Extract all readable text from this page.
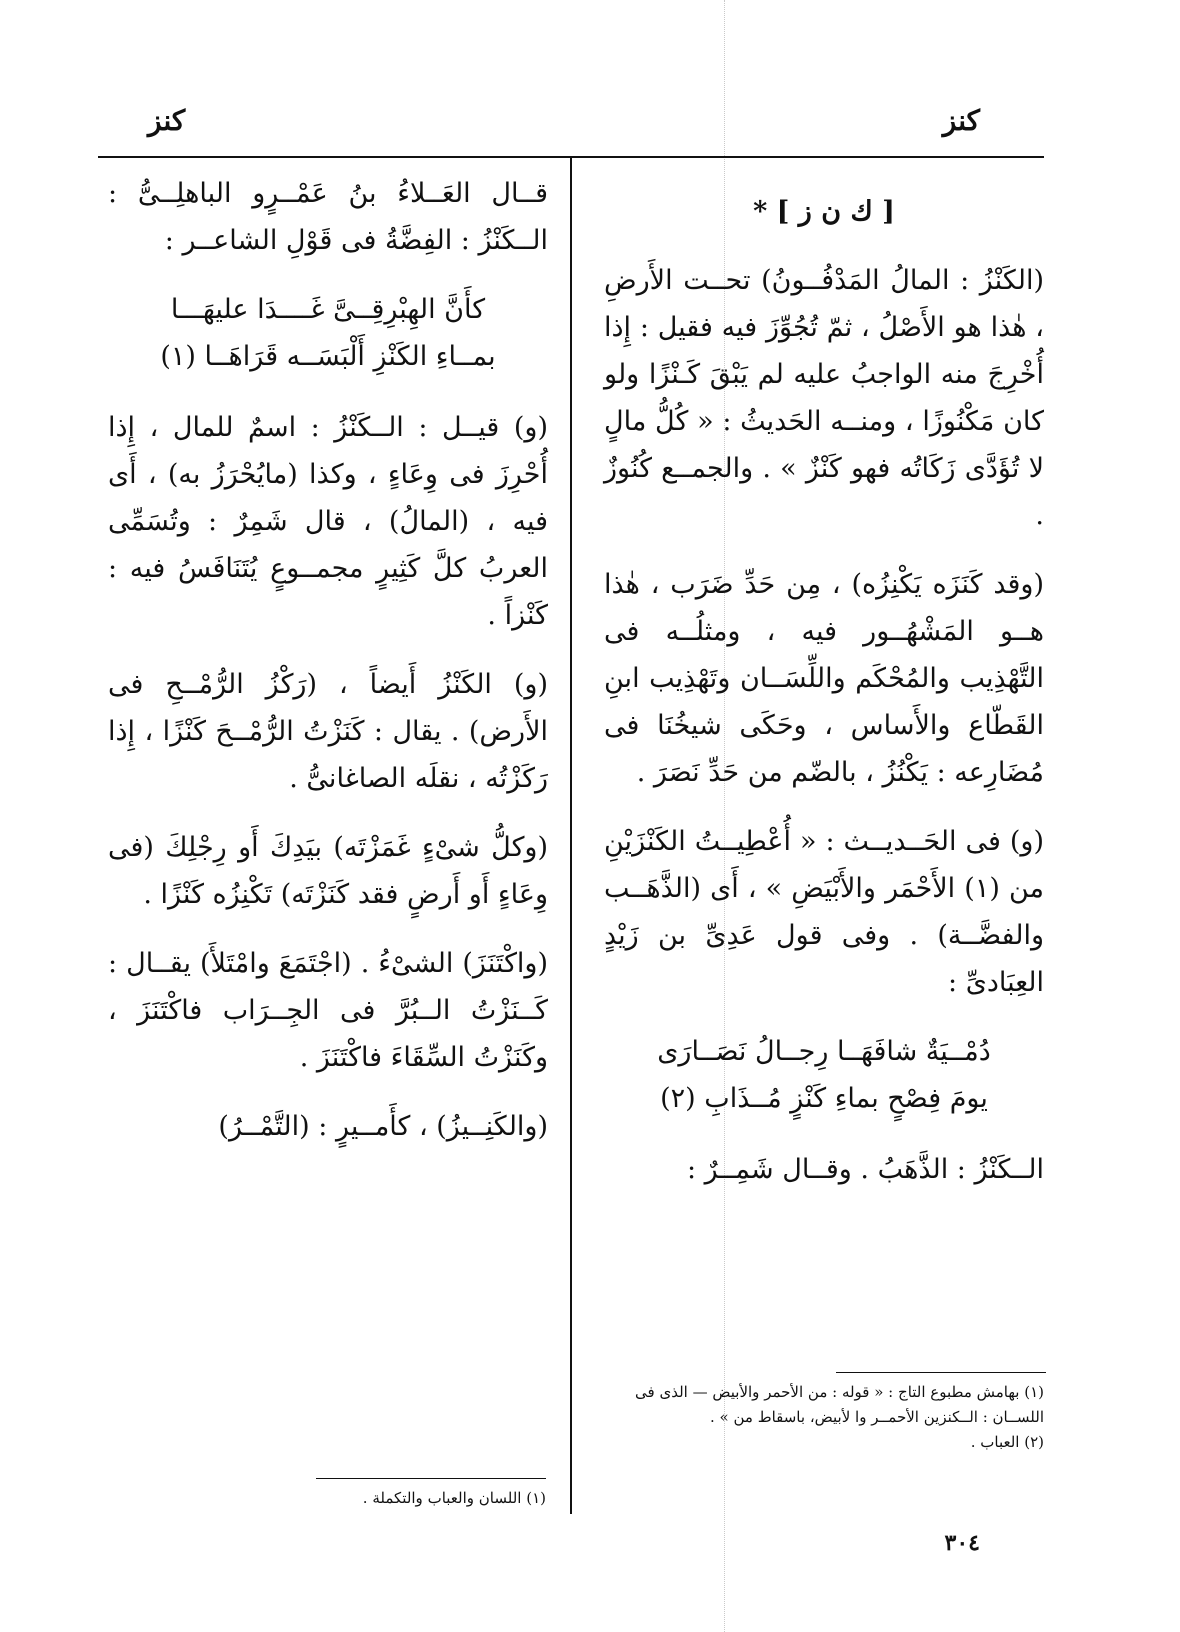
كنز
كنز

[ ك ن ز ] *

(الكَنْزُ : المالُ المَدْفُــونُ) تحــت الأَرضِ ، هٰذا هو الأَصْلُ ، ثمّ تُجُوِّزَ فيه فقيل : إِذا أُخْرِجَ منه الواجبُ عليه لم يَبْقَ كَـنْزًا ولو كان مَكْنُوزًا ، ومنــه الحَديثُ : « كُلُّ مالٍ لا تُؤَدَّى زَكَاتُه فهو كَنْزٌ » . والجمــع كُنُوزٌ .

(وقد كَنَزَه يَكْنِزُه) ، مِن حَدِّ ضَرَب ، هٰذا هــو المَشْهُــور فيه ، ومثلُــه فى التَّهْذِيب والمُحْكَم واللِّسَــان وتَهْذِيب ابنِ القَطّاع والأَساس ، وحَكَى شيخُنَا فى مُضَارِعه : يَكْنُزُ ، بالضّم من حَدِّ نَصَرَ .

(و) فى الحَــديــث : « أُعْطِيــتُ الكَنْزَيْنِ من (١) الأَحْمَر والأَبْيَضِ » ، أَى (الذَّهَــب والفضَّــة) . وفى قول عَدِىِّ بن زَيْدٍ العِبَادىِّ :

دُمْــيَةٌ شافَهَــا رِجــالُ نَصَــارَى

يومَ فِصْحٍ بماءِ كَنْزٍ مُــذَابِ (٢)

الــكَنْزُ : الذَّهَبُ . وقــال شَمِــرٌ :

قــال العَــلاءُ بنُ عَمْــرٍو الباهلِــىُّ : الــكَنْزُ : الفِضَّةُ فى قَوْلِ الشاعــر :

كأَنَّ الهِبْرِقِــىَّ غَــــدَا عليهَـــا

بمــاءِ الكَنْزِ أَلْبَسَــه قَرَاهَــا (١)

(و) قيــل : الــكَنْزُ : اسمٌ للمال ، إِذا أُحْرِزَ فى وِعَاءٍ ، وكذا (مايُحْرَزُ به) ، أَى فيه ، (المالُ) ، قال شَمِرٌ : وتُسَمِّى العربُ كلَّ كَثِيرٍ مجمــوعٍ يُتَنَافَسُ فيه : كَنْزاً .

(و) الكَنْزُ أَيضاً ، (رَكْزُ الرُّمْــحِ فى الأَرض) . يقال : كَنَزْتُ الرُّمْــحَ كَنْزًا ، إِذا رَكَزْتُه ، نقلَه الصاغانىُّ .

(وكلُّ شىْءٍ غَمَزْتَه) بيَدِكَ أَو رِجْلِكَ (فى وِعَاءٍ أَو أَرضٍ فقد كَنَزْتَه) تَكْنِزُه كَنْزًا .

(واكْتَنَزَ) الشىْءُ . (اجْتَمَعَ وامْتَلأَ) يقــال : كَــنَزْتُ الــبُرَّ فى الجِــرَاب فاكْتَنَزَ ، وكَنَزْتُ السِّقَاءَ فاكْتَنَزَ .

(والكَنِــيزُ) ، كأَمــيرٍ : (التَّمْــرُ)

(١) بهامش مطبوع التاج : « قوله : من الأحمر والأبيض — الذى فى اللســان : الــكنزين الأحمــر وا لأبيض، باسقاط من » .

(٢) العباب .

(١) اللسان والعباب والتكملة .

٣٠٤
